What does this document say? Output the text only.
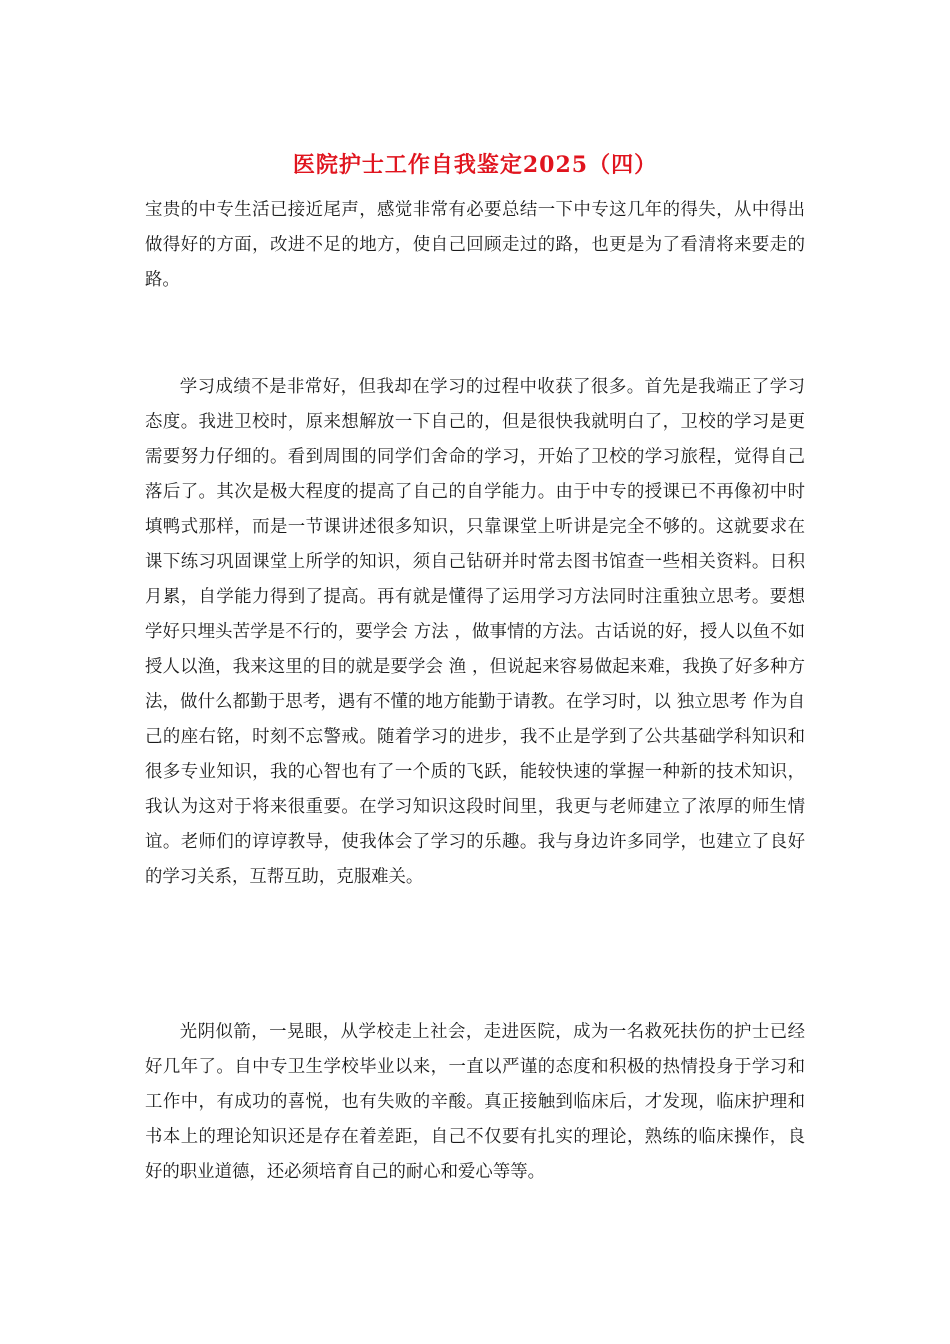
医院护士工作自我鉴定2025（四）

宝贵的中专生活已接近尾声，感觉非常有必要总结一下中专这几年的得失，从中得出做得好的方面，改进不足的地方，使自己回顾走过的路，也更是为了看清将来要走的路。

学习成绩不是非常好，但我却在学习的过程中收获了很多。首先是我端正了学习态度。我进卫校时，原来想解放一下自己的，但是很快我就明白了，卫校的学习是更需要努力仔细的。看到周围的同学们舍命的学习，开始了卫校的学习旅程，觉得自己落后了。其次是极大程度的提高了自己的自学能力。由于中专的授课已不再像初中时填鸭式那样，而是一节课讲述很多知识，只靠课堂上听讲是完全不够的。这就要求在课下练习巩固课堂上所学的知识，须自己钻研并时常去图书馆查一些相关资料。日积月累，自学能力得到了提高。再有就是懂得了运用学习方法同时注重独立思考。要想学好只埋头苦学是不行的，要学会 方法 ，做事情的方法。古话说的好，授人以鱼不如授人以渔，我来这里的目的就是要学会 渔 ，但说起来容易做起来难，我换了好多种方法，做什么都勤于思考，遇有不懂的地方能勤于请教。在学习时，以 独立思考 作为自己的座右铭，时刻不忘警戒。随着学习的进步，我不止是学到了公共基础学科知识和很多专业知识，我的心智也有了一个质的飞跃，能较快速的掌握一种新的技术知识，我认为这对于将来很重要。在学习知识这段时间里，我更与老师建立了浓厚的师生情谊。老师们的谆谆教导，使我体会了学习的乐趣。我与身边许多同学，也建立了良好的学习关系，互帮互助，克服难关。

光阴似箭，一晃眼，从学校走上社会，走进医院，成为一名救死扶伤的护士已经好几年了。自中专卫生学校毕业以来，一直以严谨的态度和积极的热情投身于学习和工作中，有成功的喜悦，也有失败的辛酸。真正接触到临床后，才发现，临床护理和书本上的理论知识还是存在着差距，自己不仅要有扎实的理论，熟练的临床操作，良好的职业道德，还必须培育自己的耐心和爱心等等。
